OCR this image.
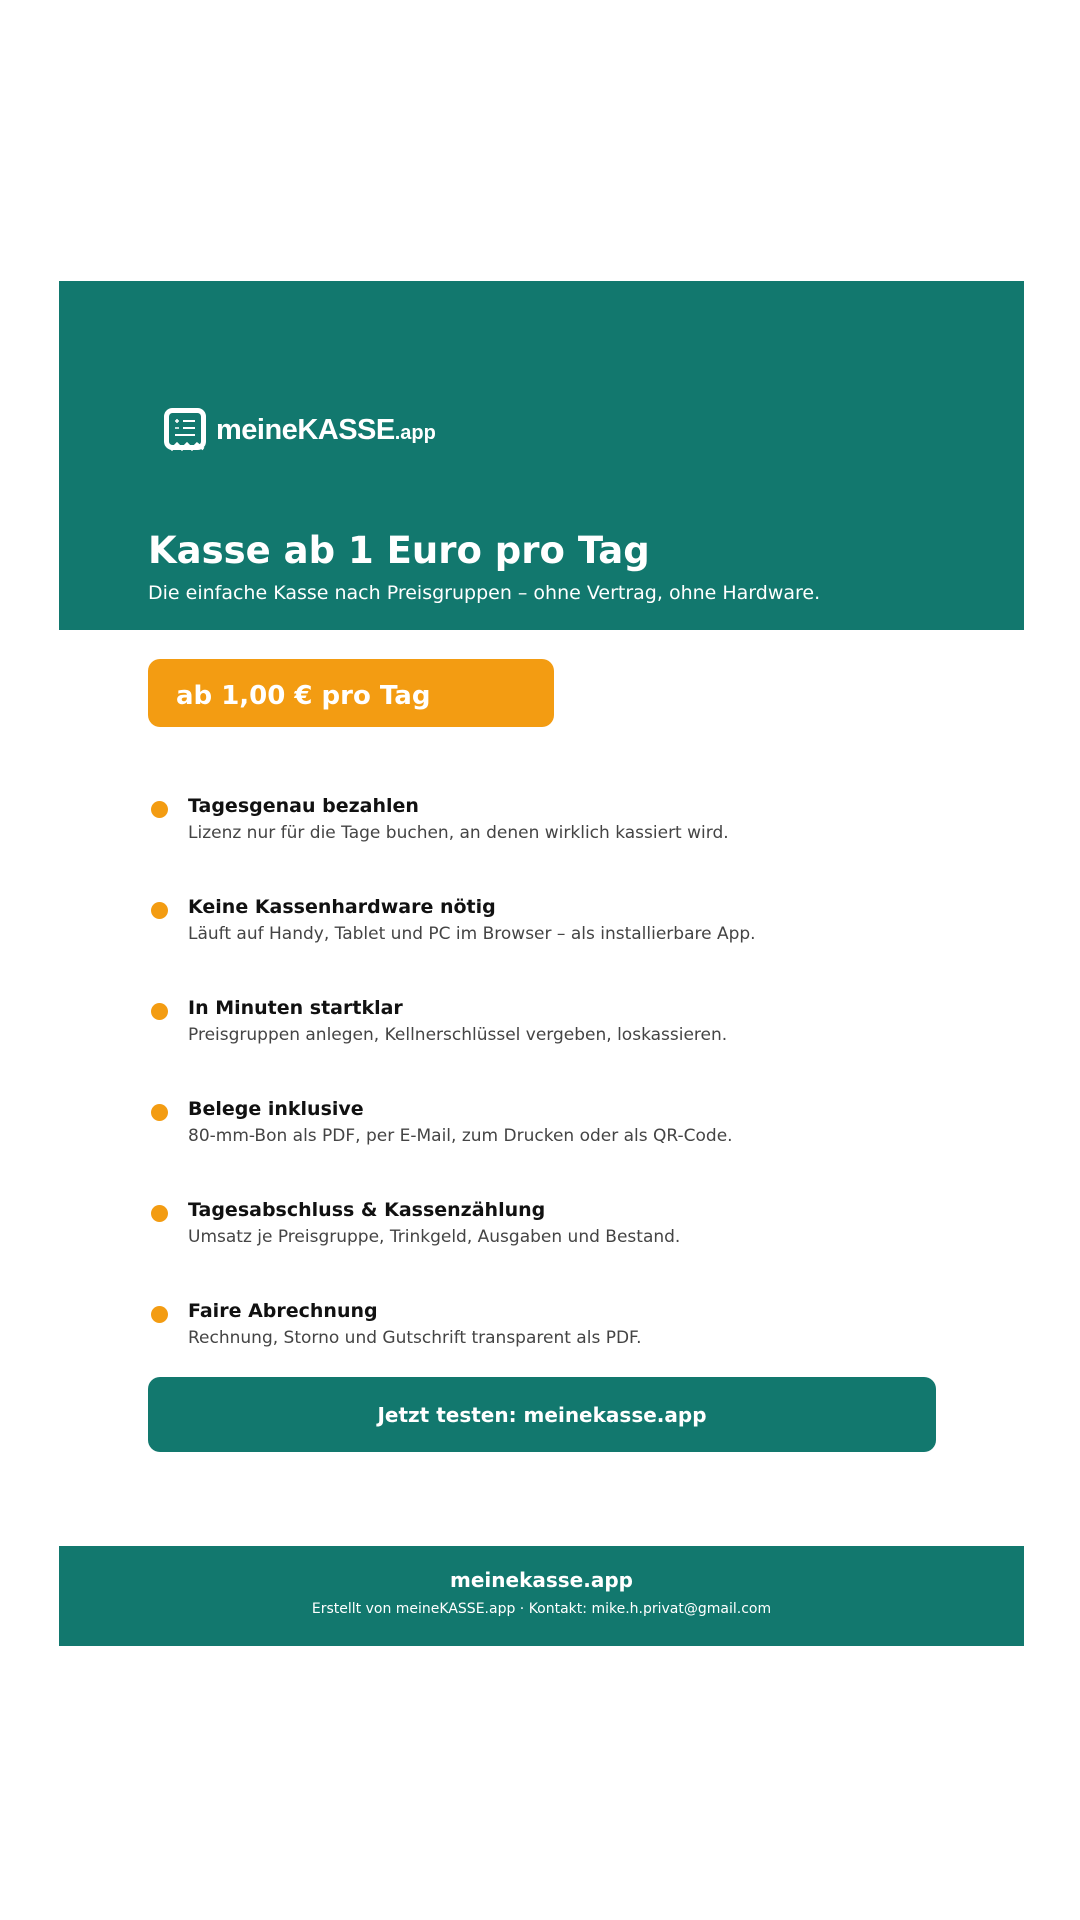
meineKASSE.app
Kasse ab 1 Euro pro Tag

Die einfache Kasse nach Preisgruppen – ohne Vertrag, ohne Hardware.

ab 1,00 € pro Tag
Tagesgenau bezahlen
Lizenz nur für die Tage buchen, an denen wirklich kassiert wird.
Keine Kassenhardware nötig
Läuft auf Handy, Tablet und PC im Browser – als installierbare App.
In Minuten startklar
Preisgruppen anlegen, Kellnerschlüssel vergeben, loskassieren.
Belege inklusive
80-mm-Bon als PDF, per E-Mail, zum Drucken oder als QR-Code.
Tagesabschluss & Kassenzählung
Umsatz je Preisgruppe, Trinkgeld, Ausgaben und Bestand.
Faire Abrechnung
Rechnung, Storno und Gutschrift transparent als PDF.
Jetzt testen: meinekasse.app
meinekasse.app
Erstellt von meineKASSE.app · Kontakt: mike.h.privat@gmail.com
